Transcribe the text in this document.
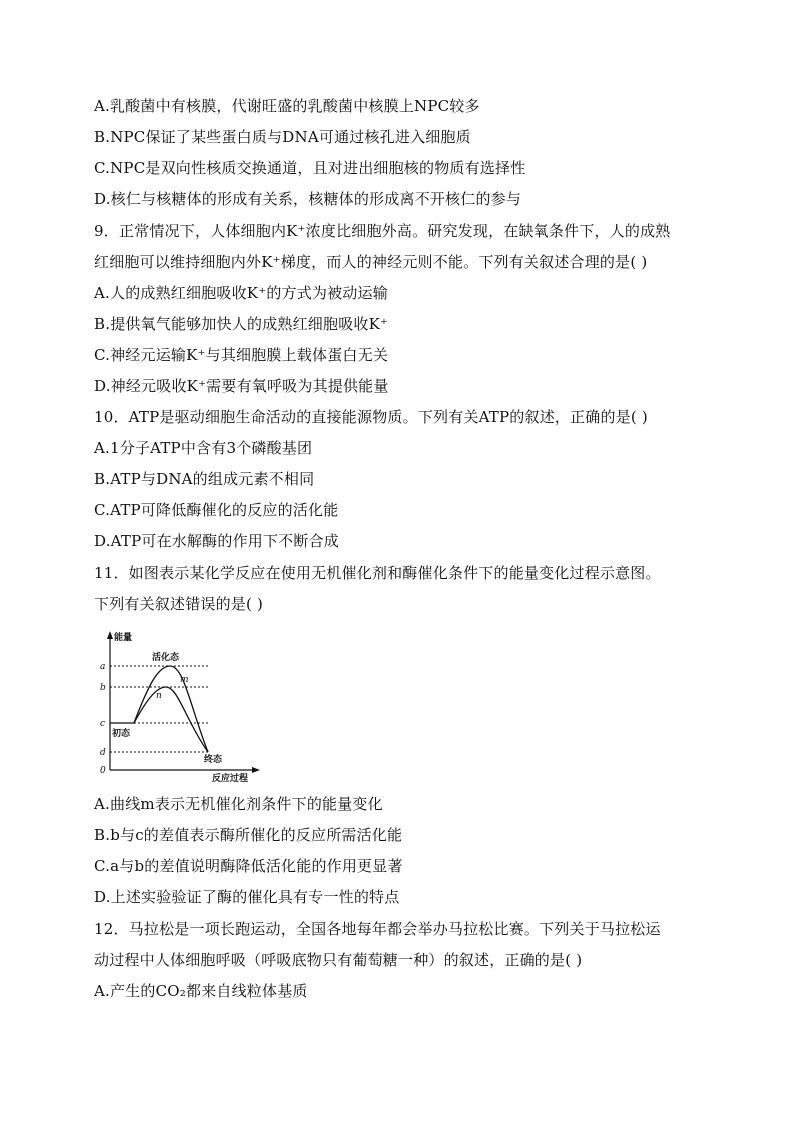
A.乳酸菌中有核膜，代谢旺盛的乳酸菌中核膜上NPC较多
B.NPC保证了某些蛋白质与DNA可通过核孔进入细胞质
C.NPC是双向性核质交换通道，且对进出细胞核的物质有选择性
D.核仁与核糖体的形成有关系，核糖体的形成离不开核仁的参与
9．正常情况下，人体细胞内K⁺浓度比细胞外高。研究发现，在缺氧条件下，人的成熟
红细胞可以维持细胞内外K⁺梯度，而人的神经元则不能。下列有关叙述合理的是( )
A.人的成熟红细胞吸收K⁺的方式为被动运输
B.提供氧气能够加快人的成熟红细胞吸收K⁺
C.神经元运输K⁺与其细胞膜上载体蛋白无关
D.神经元吸收K⁺需要有氧呼吸为其提供能量
10．ATP是驱动细胞生命活动的直接能源物质。下列有关ATP的叙述，正确的是( )
A.1分子ATP中含有3个磷酸基团
B.ATP与DNA的组成元素不相同
C.ATP可降低酶催化的反应的活化能
D.ATP可在水解酶的作用下不断合成
11．如图表示某化学反应在使用无机催化剂和酶催化条件下的能量变化过程示意图。
下列有关叙述错误的是( )
能量
反应过程
a
b
c
d
0
活化态
初态
终态
m
n
A.曲线m表示无机催化剂条件下的能量变化
B.b与c的差值表示酶所催化的反应所需活化能
C.a与b的差值说明酶降低活化能的作用更显著
D.上述实验验证了酶的催化具有专一性的特点
12．马拉松是一项长跑运动，全国各地每年都会举办马拉松比赛。下列关于马拉松运
动过程中人体细胞呼吸（呼吸底物只有葡萄糖一种）的叙述，正确的是( )
A.产生的CO₂都来自线粒体基质
